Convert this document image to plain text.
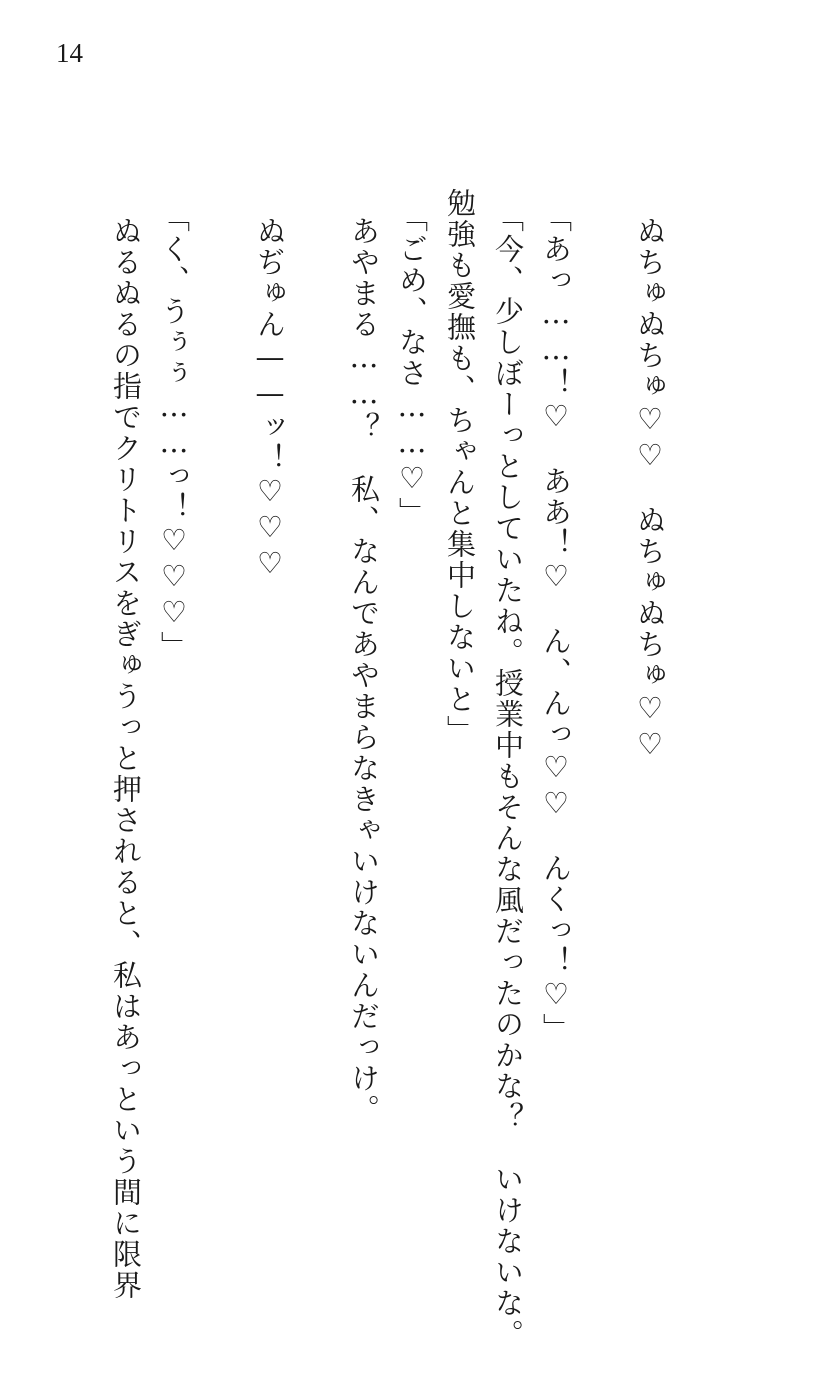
14
ぬちゅぬちゅ♡♡　ぬちゅぬちゅ♡♡
「あっ……！♡　ああ！♡　ん、んっ♡♡　んくっ！♡」
「今、少しぼーっとしていたね。授業中もそんな風だったのかな？　いけないな。
勉強も愛撫も、ちゃんと集中しないと」
「ごめ、なさ……♡」
あやまる……？　私、なんであやまらなきゃいけないんだっけ。
ぬぢゅん——ッ！♡♡♡
「く、うぅぅ……っ！♡♡♡」
ぬるぬるの指でクリトリスをぎゅうっと押されると、私はあっという間に限界
